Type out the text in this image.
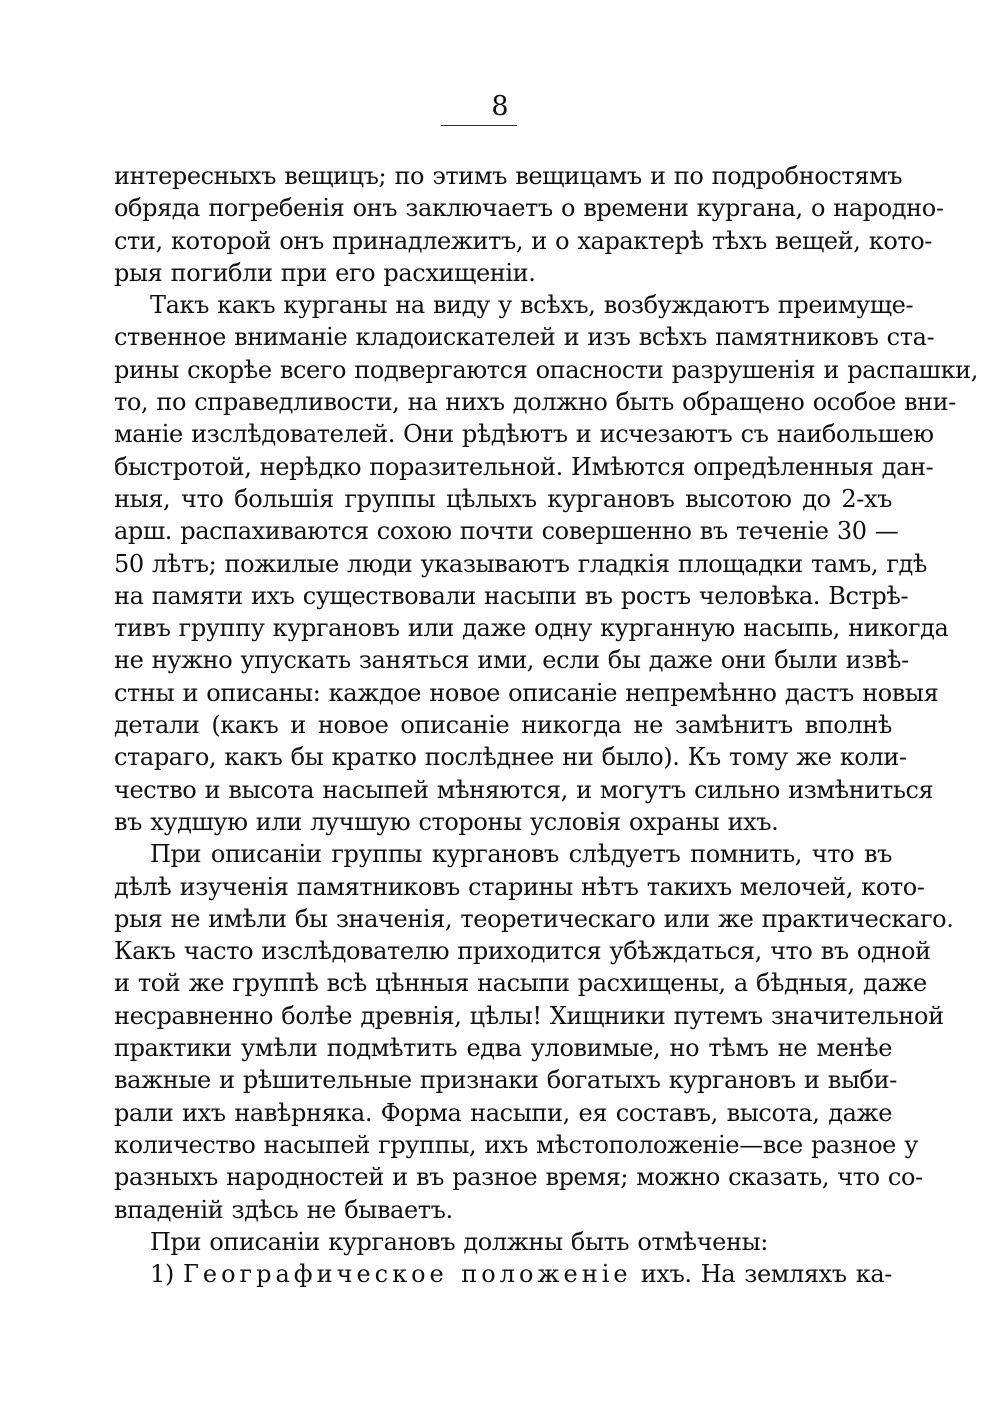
8
интересныхъ вещицъ; по этимъ вещицамъ и по подробностямъ
обряда погребенія онъ заключаетъ о времени кургана, о народно-
сти, которой онъ принадлежитъ, и о характерѣ тѣхъ вещей, кото-
рыя погибли при его расхищеніи.
Такъ какъ курганы на виду у всѣхъ, возбуждаютъ преимуще-
ственное вниманіе кладоискателей и изъ всѣхъ памятниковъ ста-
рины скорѣе всего подвергаются опасности разрушенія и распашки,
то, по справедливости, на нихъ должно быть обращено особое вни-
маніе изслѣдователей. Они рѣдѣютъ и исчезаютъ съ наибольшею
быстротой, нерѣдко поразительной. Имѣются опредѣленныя дан-
ныя, что большія группы цѣлыхъ кургановъ высотою до 2-хъ
арш. распахиваются сохою почти совершенно въ теченіе 30 —
50 лѣтъ; пожилые люди указываютъ гладкія площадки тамъ, гдѣ
на памяти ихъ существовали насыпи въ ростъ человѣка. Встрѣ-
тивъ группу кургановъ или даже одну курганную насыпь, никогда
не нужно упускать заняться ими, если бы даже они были извѣ-
стны и описаны: каждое новое описаніе непремѣнно дастъ новыя
детали (какъ и новое описаніе никогда не замѣнитъ вполнѣ
стараго, какъ бы кратко послѣднее ни было). Къ тому же коли-
чество и высота насыпей мѣняются, и могутъ сильно измѣниться
въ худшую или лучшую стороны условія охраны ихъ.
При описаніи группы кургановъ слѣдуетъ помнить, что въ
дѣлѣ изученія памятниковъ старины нѣтъ такихъ мелочей, кото-
рыя не имѣли бы значенія, теоретическаго или же практическаго.
Какъ часто изслѣдователю приходится убѣждаться, что въ одной
и той же группѣ всѣ цѣнныя насыпи расхищены, а бѣдныя, даже
несравненно болѣе древнія, цѣлы! Хищники путемъ значительной
практики умѣли подмѣтить едва уловимые, но тѣмъ не менѣе
важные и рѣшительные признаки богатыхъ кургановъ и выби-
рали ихъ навѣрняка. Форма насыпи, ея составъ, высота, даже
количество насыпей группы, ихъ мѣстоположеніе—все разное у
разныхъ народностей и въ разное время; можно сказать, что со-
впаденій здѣсь не бываетъ.
При описаніи кургановъ должны быть отмѣчены:
1) Географическое положеніе ихъ. На земляхъ ка-
